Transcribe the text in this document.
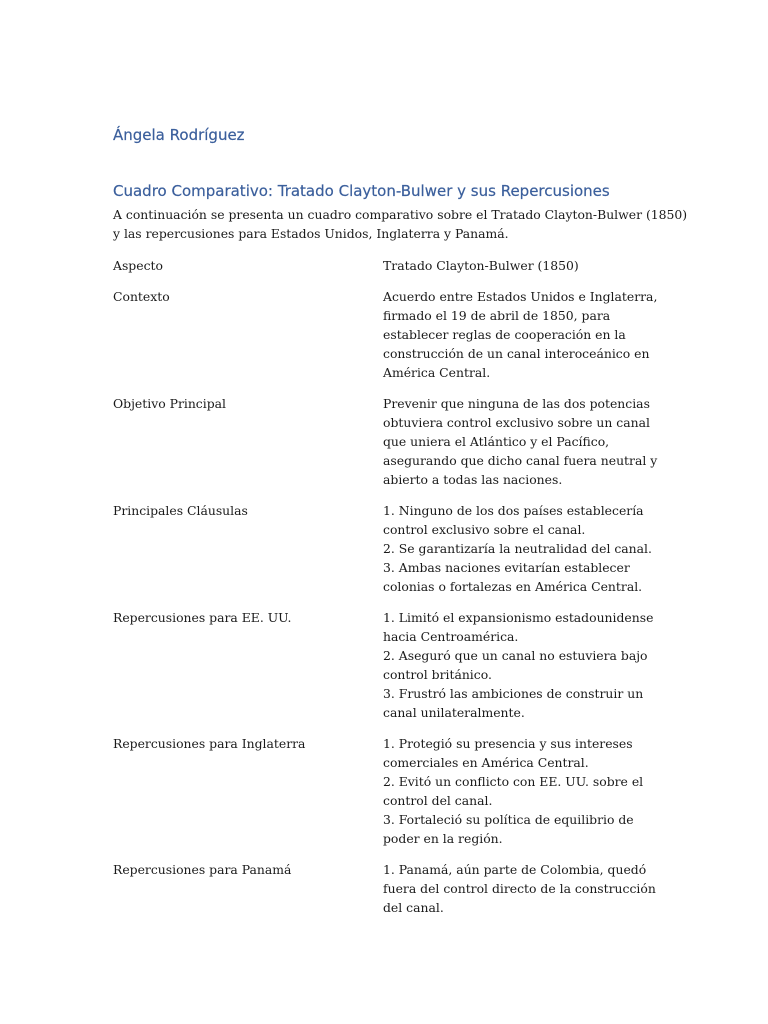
Ángela Rodríguez
Cuadro Comparativo: Tratado Clayton-Bulwer y sus Repercusiones

A continuación se presenta un cuadro comparativo sobre el Tratado Clayton-Bulwer (1850)
y las repercusiones para Estados Unidos, Inglaterra y Panamá.

Aspecto	Tratado Clayton-Bulwer (1850)
Contexto	Acuerdo entre Estados Unidos e Inglaterra,
firmado el 19 de abril de 1850, para
establecer reglas de cooperación en la
construcción de un canal interoceánico en
América Central.
Objetivo Principal	Prevenir que ninguna de las dos potencias
obtuviera control exclusivo sobre un canal
que uniera el Atlántico y el Pacífico,
asegurando que dicho canal fuera neutral y
abierto a todas las naciones.
Principales Cláusulas	1. Ninguno de los dos países establecería
control exclusivo sobre el canal.
2. Se garantizaría la neutralidad del canal.
3. Ambas naciones evitarían establecer
colonias o fortalezas en América Central.
Repercusiones para EE. UU.	1. Limitó el expansionismo estadounidense
hacia Centroamérica.
2. Aseguró que un canal no estuviera bajo
control británico.
3. Frustró las ambiciones de construir un
canal unilateralmente.
Repercusiones para Inglaterra	1. Protegió su presencia y sus intereses
comerciales en América Central.
2. Evitó un conflicto con EE. UU. sobre el
control del canal.
3. Fortaleció su política de equilibrio de
poder en la región.
Repercusiones para Panamá	1. Panamá, aún parte de Colombia, quedó
fuera del control directo de la construcción
del canal.
